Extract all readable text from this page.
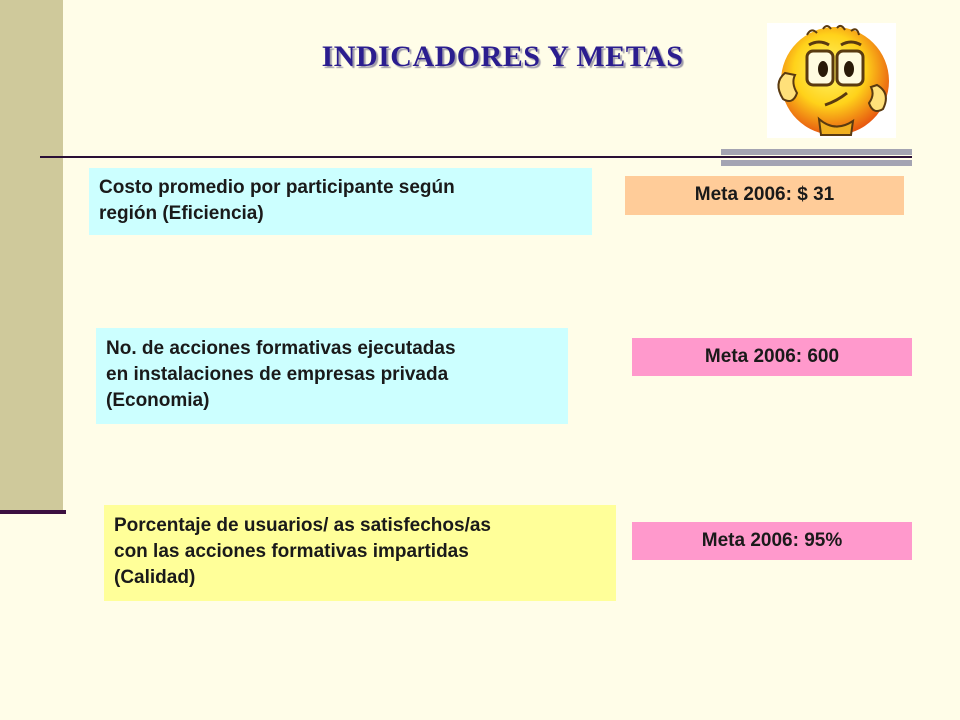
INDICADORES Y METAS
Costo promedio por participante según
región (Eficiencia)
Meta 2006: $ 31
No. de acciones formativas ejecutadas
en instalaciones de empresas privada
(Economia)
Meta 2006: 600
Porcentaje de usuarios/ as satisfechos/as
con las acciones formativas impartidas
(Calidad)
Meta 2006: 95%
